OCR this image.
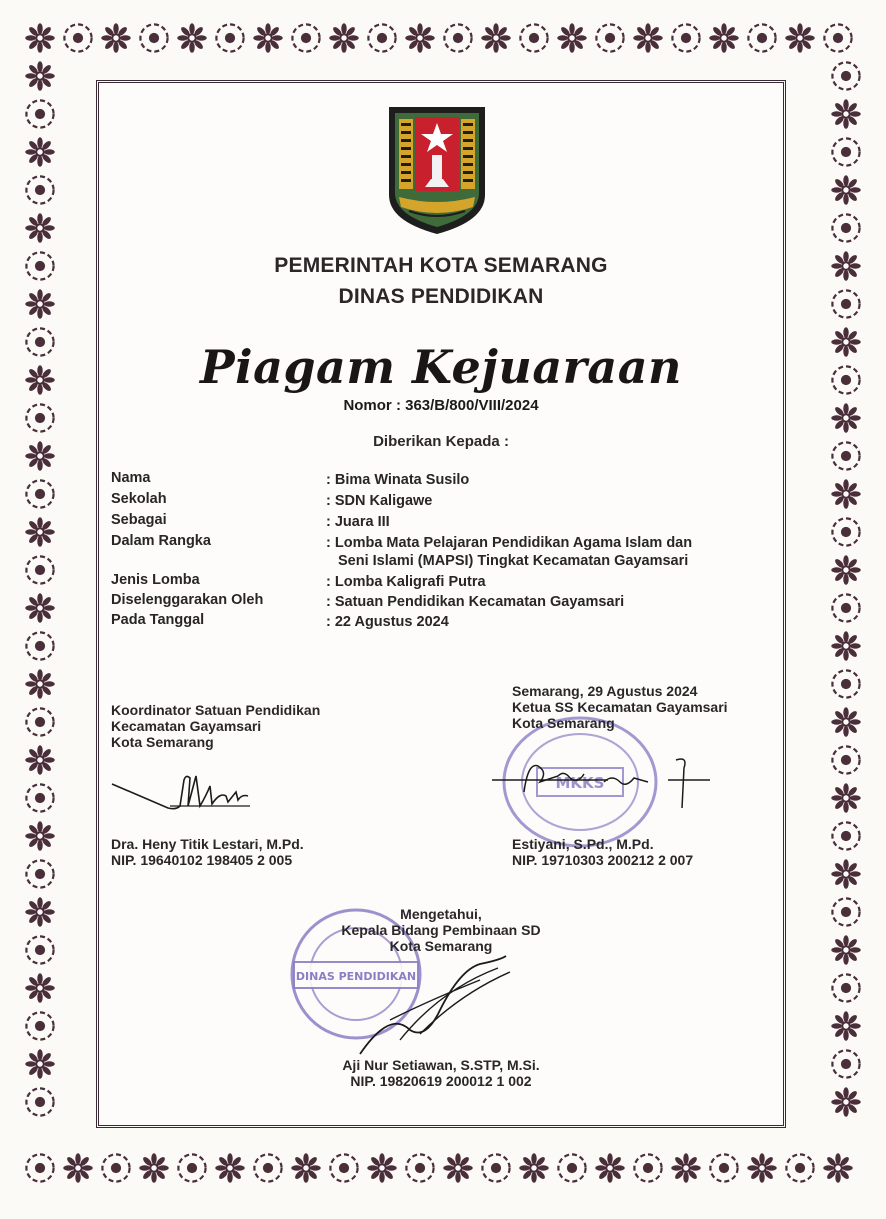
PEMERINTAH KOTA SEMARANG
DINAS PENDIDIKAN
Piagam Kejuaraan
Nomor : 363/B/800/VIII/2024
Diberikan Kepada :
Nama	: Bima Winata Susilo
Sekolah	: SDN Kaligawe
Sebagai	: Juara III
Dalam Rangka	: Lomba Mata Pelajaran Pendidikan Agama Islam dan
Seni Islami (MAPSI) Tingkat Kecamatan Gayamsari
Jenis Lomba	: Lomba Kaligrafi Putra
Diselenggarakan Oleh	: Satuan Pendidikan Kecamatan Gayamsari
Pada Tanggal	: 22 Agustus 2024
Koordinator Satuan Pendidikan
Kecamatan Gayamsari
Kota Semarang
Dra. Heny Titik Lestari, M.Pd.
NIP. 19640102 198405 2 005
MKKS
Semarang, 29 Agustus 2024
Ketua SS Kecamatan Gayamsari
Kota Semarang
Estiyani, S.Pd., M.Pd.
NIP. 19710303 200212 2 007
DINAS PENDIDIKAN
Mengetahui,
Kepala Bidang Pembinaan SD
Kota Semarang
Aji Nur Setiawan, S.STP, M.Si.
NIP. 19820619 200012 1 002
